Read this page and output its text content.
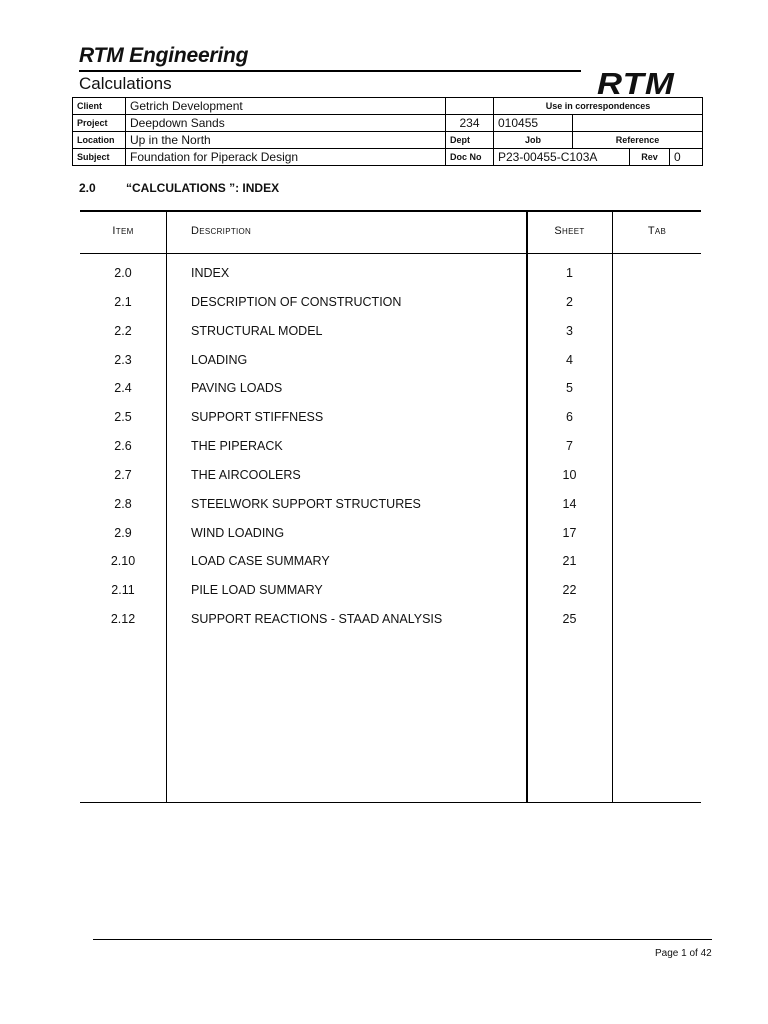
RTM Engineering
Calculations	RTM
Client	Getrich Development		Use in correspondences			
Project	Deepdown Sands	234	010455			
Location	Up in the North	Dept	Job	Reference		
Subject	Foundation for Piperack Design	Doc No	P23-00455-C103A		Rev	0
2.0	“CALCULATIONS ”: INDEX
Item	Description	Sheet	Tab
2.0	INDEX	1
2.1	DESCRIPTION OF CONSTRUCTION	2
2.2	STRUCTURAL MODEL	3
2.3	LOADING	4
2.4	PAVING LOADS	5
2.5	SUPPORT STIFFNESS	6
2.6	THE PIPERACK	7
2.7	THE AIRCOOLERS	10
2.8	STEELWORK SUPPORT STRUCTURES	14
2.9	WIND LOADING	17
2.10	LOAD CASE SUMMARY	21
2.11	PILE LOAD SUMMARY	22
2.12	SUPPORT REACTIONS - STAAD ANALYSIS	25
Page 1 of 42
